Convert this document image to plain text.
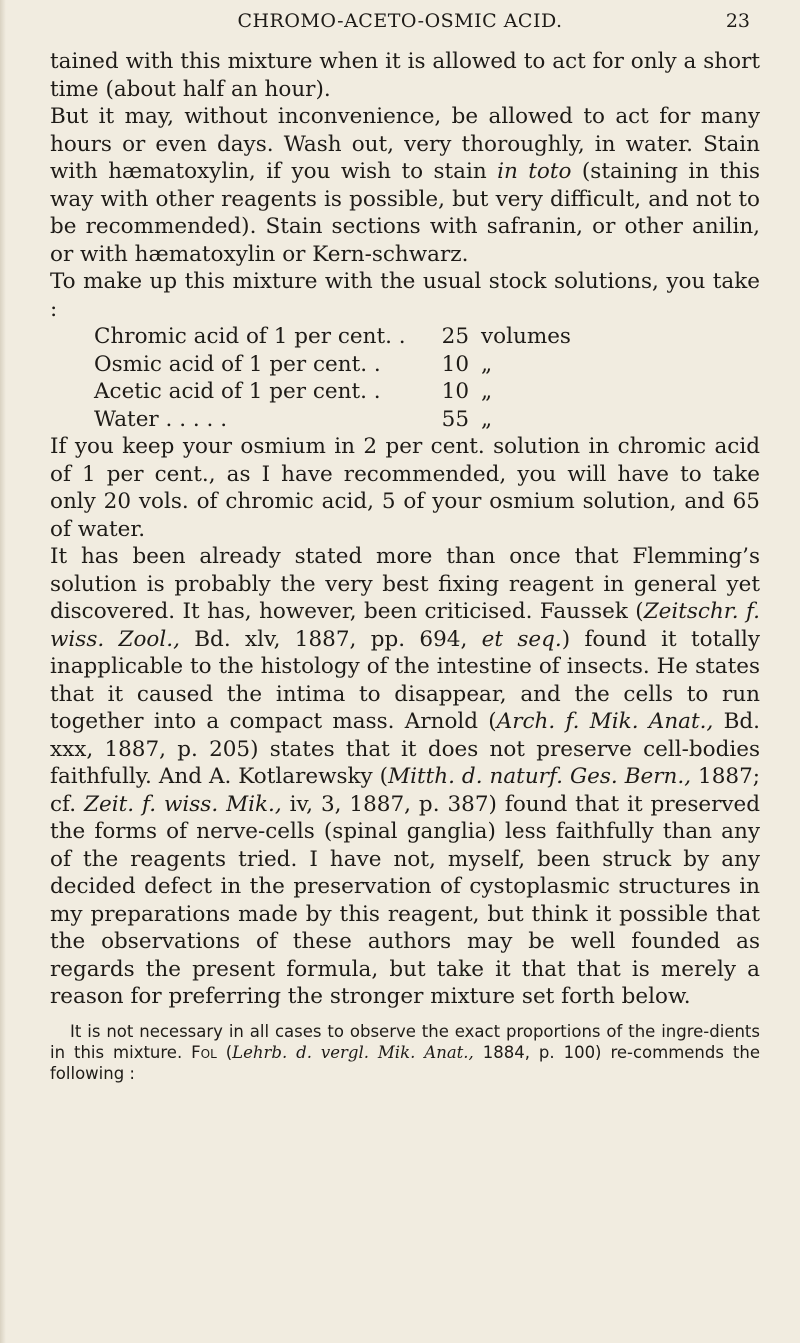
CHROMO-ACETO-OSMIC ACID.	23

tained with this mixture when it is allowed to act for only a short time (about half an hour).

But it may, without inconvenience, be allowed to act for many hours or even days. Wash out, very thoroughly, in water. Stain with hæmatoxylin, if you wish to stain in toto (staining in this way with other reagents is possible, but very difficult, and not to be recommended). Stain sections with safranin, or other anilin, or with hæmatoxylin or Kern-schwarz.

To make up this mixture with the usual stock solutions, you take :

Chromic acid of 1 per cent. .	25 volumes
Osmic acid of 1 per cent. .	10 „
Acetic acid of 1 per cent. .	10 „
Water . . . . .	55 „

If you keep your osmium in 2 per cent. solution in chromic acid of 1 per cent., as I have recommended, you will have to take only 20 vols. of chromic acid, 5 of your osmium solution, and 65 of water.

It has been already stated more than once that Flemming’s solution is probably the very best fixing reagent in general yet discovered. It has, however, been criticised. Faussek (Zeitschr. f. wiss. Zool., Bd. xlv, 1887, pp. 694, et seq.) found it totally inapplicable to the histology of the intestine of insects. He states that it caused the intima to disappear, and the cells to run together into a compact mass. Arnold (Arch. f. Mik. Anat., Bd. xxx, 1887, p. 205) states that it does not preserve cell-bodies faithfully. And A. Kotlarewsky (Mitth. d. naturf. Ges. Bern., 1887; cf. Zeit. f. wiss. Mik., iv, 3, 1887, p. 387) found that it preserved the forms of nerve-cells (spinal ganglia) less faithfully than any of the reagents tried. I have not, myself, been struck by any decided defect in the preservation of cystoplasmic structures in my preparations made by this reagent, but think it possible that the observations of these authors may be well founded as regards the present formula, but take it that that is merely a reason for preferring the stronger mixture set forth below.

It is not necessary in all cases to observe the exact proportions of the ingre-dients in this mixture. Fol (Lehrb. d. vergl. Mik. Anat., 1884, p. 100) re-commends the following :
